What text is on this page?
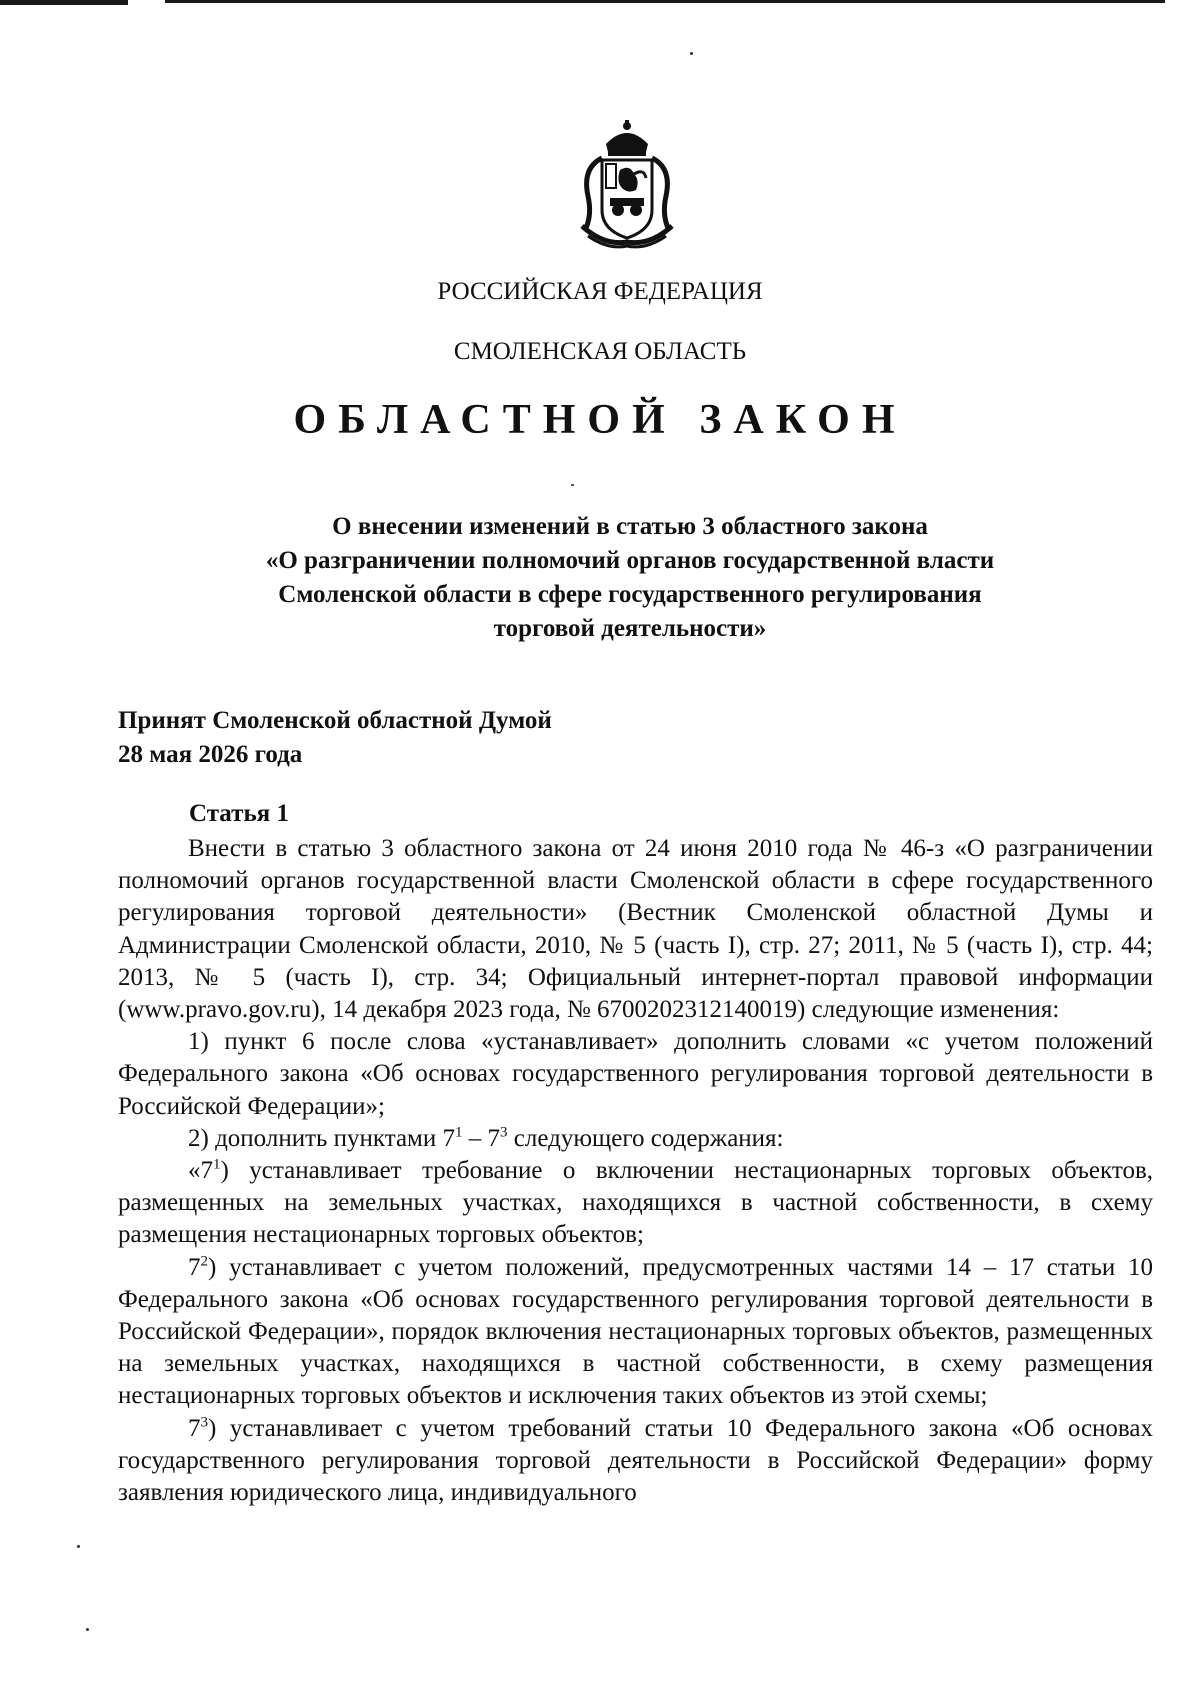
РОССИЙСКАЯ ФЕДЕРАЦИЯ
СМОЛЕНСКАЯ ОБЛАСТЬ
ОБЛАСТНОЙ ЗАКОН
О внесении изменений в статью 3 областного закона
«О разграничении полномочий органов государственной власти
Смоленской области в сфере государственного регулирования
торговой деятельности»
Принят Смоленской областной Думой
28 мая 2026 года
Статья 1

Внести в статью 3 областного закона от 24 июня 2010 года № 46-з «О разграничении полномочий органов государственной власти Смоленской области в сфере государственного регулирования торговой деятельности» (Вестник Смоленской областной Думы и Администрации Смоленской области, 2010, № 5 (часть I), стр. 27; 2011, № 5 (часть I), стр. 44; 2013, № 5 (часть I), стр. 34; Официальный интернет-портал правовой информации (www.pravo.gov.ru), 14 декабря 2023 года, № 6700202312140019) следующие изменения:

1) пункт 6 после слова «устанавливает» дополнить словами «с учетом положений Федерального закона «Об основах государственного регулирования торговой деятельности в Российской Федерации»;

2) дополнить пунктами $7^1 - 7^3$ следующего содержания:

«$7^1$) устанавливает требование о включении нестационарных торговых объектов, размещенных на земельных участках, находящихся в частной собственности, в схему размещения нестационарных торговых объектов;

$7^2$) устанавливает с учетом положений, предусмотренных частями 14 – 17 статьи 10 Федерального закона «Об основах государственного регулирования торговой деятельности в Российской Федерации», порядок включения нестационарных торговых объектов, размещенных на земельных участках, находящихся в частной собственности, в схему размещения нестационарных торговых объектов и исключения таких объектов из этой схемы;

$7^3$) устанавливает с учетом требований статьи 10 Федерального закона «Об основах государственного регулирования торговой деятельности в Российской Федерации» форму заявления юридического лица, индивидуального
